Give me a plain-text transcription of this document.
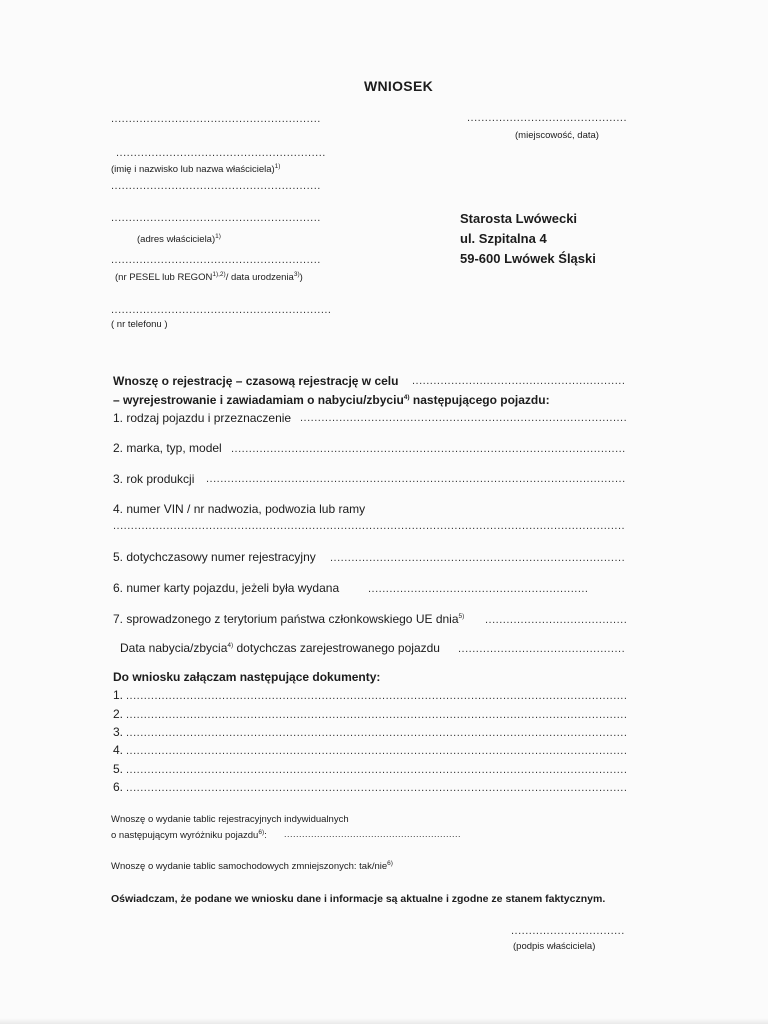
WNIOSEK
.............................................
(miejscowość, data)
...........................................................
...........................................................
(imię i nazwisko lub nazwa właściciela)$^{1)}$
...........................................................
...........................................................
(adres właściciela)$^{1)}$
...........................................................
(nr PESEL lub $REGON^{1),2)}/$ data urodzenia$^{3)}$)
..............................................................
( nr telefonu )
Starosta Lwówecki
ul. Szpitalna 4
59-600 Lwówek Śląski
Wnoszę o rejestrację – czasową rejestrację w celu ............................................................
– wyrejestrowanie i zawiadamiam o nabyciu/zbyciu$^{4)}$ następującego pojazdu:
1. rodzaj pojazdu i przeznaczenie ............................................................................................
2. marka, typ, model ...............................................................................................................
3. rok produkcji ......................................................................................................................
4. numer VIN / nr nadwozia, podwozia lub ramy
................................................................................................................................................
5. dotychczasowy numer rejestracyjny ...................................................................................
6. numer karty pojazdu, jeżeli była wydana	..............................................................
7. sprowadzonego z terytorium państwa członkowskiego UE dnia$^{5)}$ ........................................
Data nabycia/zbycia$^{4)}$ dotychczas zarejestrowanego pojazdu ...............................................
Do wniosku załączam następujące dokumenty:
1. .............................................................................................................................................
2. .............................................................................................................................................
3. .............................................................................................................................................
4. .............................................................................................................................................
5. .............................................................................................................................................
6. .............................................................................................................................................
Wnoszę o wydanie tablic rejestracyjnych indywidualnych
o następującym wyróżniku pojazdu$^{6)}$: ...........................................................
Wnoszę o wydanie tablic samochodowych zmniejszonych: tak/nie$^{6)}$
Oświadczam, że podane we wniosku dane i informacje są aktualne i zgodne ze stanem faktycznym.
................................
(podpis właściciela)
